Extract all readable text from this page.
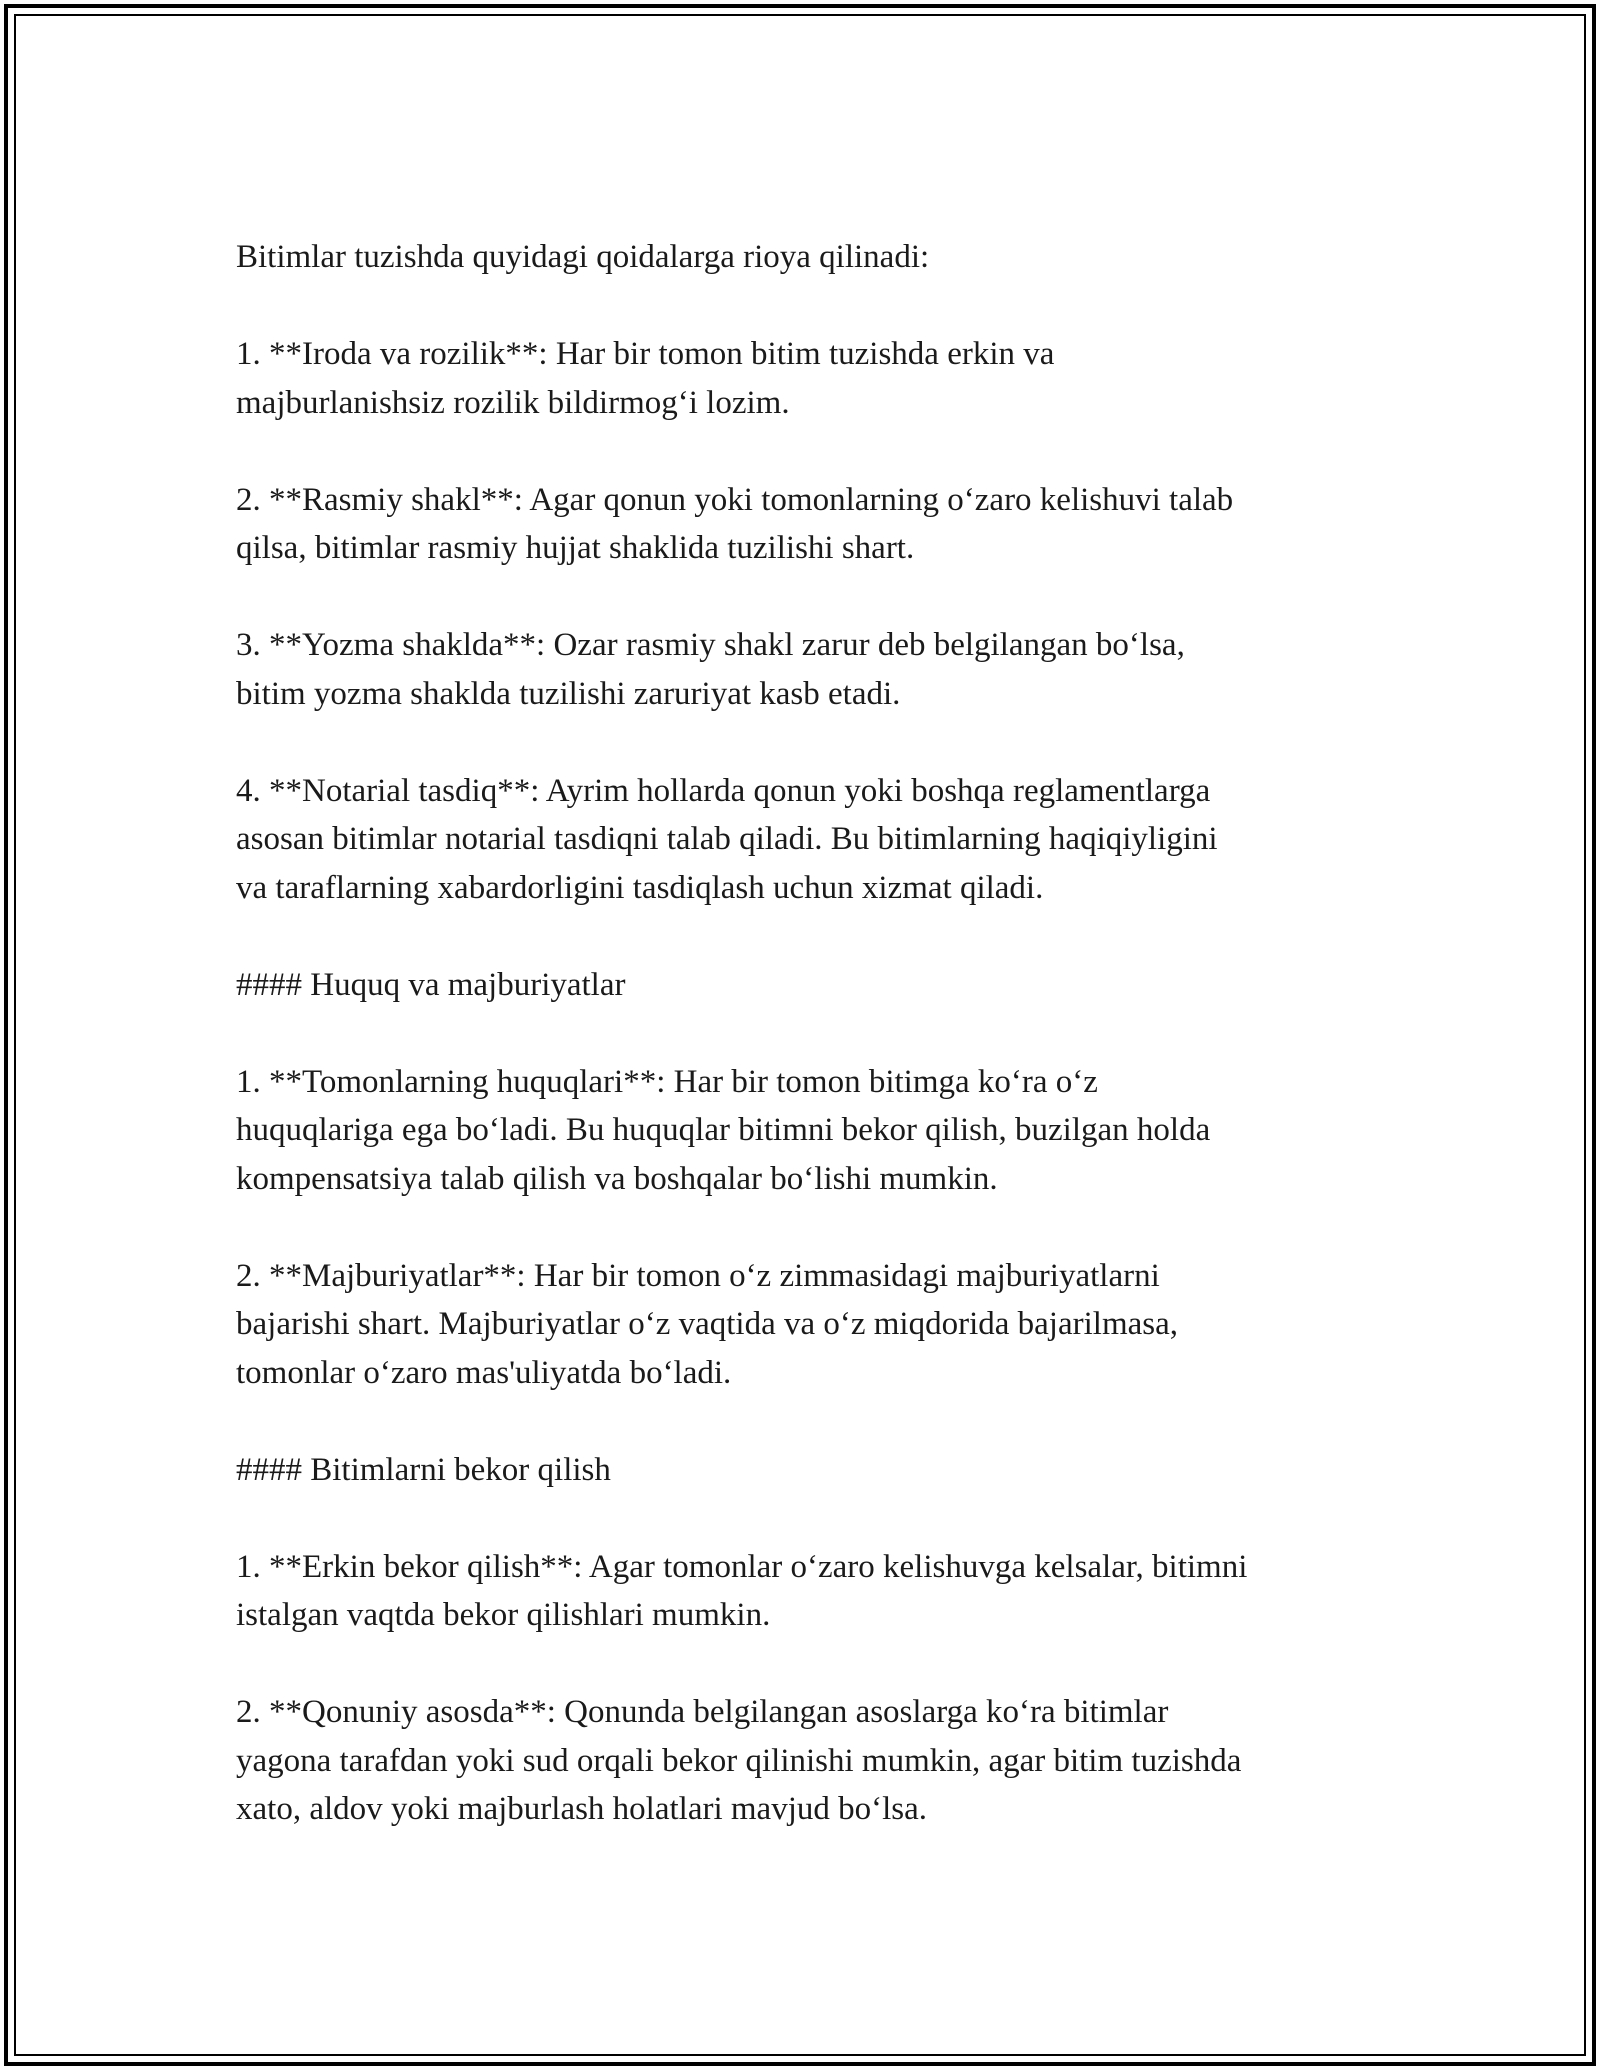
Bitimlar tuzishda quyidagi qoidalarga rioya qilinadi:

1. **Iroda va rozilik**: Har bir tomon bitim tuzishda erkin va
majburlanishsiz rozilik bildirmog‘i lozim.

2. **Rasmiy shakl**: Agar qonun yoki tomonlarning o‘zaro kelishuvi talab
qilsa, bitimlar rasmiy hujjat shaklida tuzilishi shart.

3. **Yozma shaklda**: Ozar rasmiy shakl zarur deb belgilangan bo‘lsa,
bitim yozma shaklda tuzilishi zaruriyat kasb etadi.

4. **Notarial tasdiq**: Ayrim hollarda qonun yoki boshqa reglamentlarga
asosan bitimlar notarial tasdiqni talab qiladi. Bu bitimlarning haqiqiyligini
va taraflarning xabardorligini tasdiqlash uchun xizmat qiladi.

#### Huquq va majburiyatlar

1. **Tomonlarning huquqlari**: Har bir tomon bitimga ko‘ra o‘z
huquqlariga ega bo‘ladi. Bu huquqlar bitimni bekor qilish, buzilgan holda
kompensatsiya talab qilish va boshqalar bo‘lishi mumkin.

2. **Majburiyatlar**: Har bir tomon o‘z zimmasidagi majburiyatlarni
bajarishi shart. Majburiyatlar o‘z vaqtida va o‘z miqdorida bajarilmasa,
tomonlar o‘zaro mas'uliyatda bo‘ladi.

#### Bitimlarni bekor qilish

1. **Erkin bekor qilish**: Agar tomonlar o‘zaro kelishuvga kelsalar, bitimni
istalgan vaqtda bekor qilishlari mumkin.

2. **Qonuniy asosda**: Qonunda belgilangan asoslarga ko‘ra bitimlar
yagona tarafdan yoki sud orqali bekor qilinishi mumkin, agar bitim tuzishda
xato, aldov yoki majburlash holatlari mavjud bo‘lsa.
